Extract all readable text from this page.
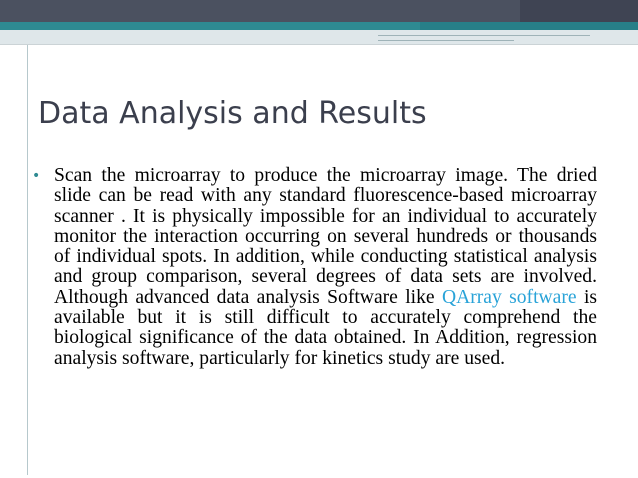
Data Analysis and Results
• Scan the microarray to produce the microarray image. The dried slide can be read with any standard fluorescence-based microarray scanner . It is physically impossible for an individual to accurately monitor the interaction occurring on several hundreds or thousands of individual spots. In addition, while conducting statistical analysis and group comparison, several degrees of data sets are involved. Although advanced data analysis Software like QArray software is available but it is still difficult to accurately comprehend the biological significance of the data obtained. In Addition, regression analysis software, particularly for kinetics study are used.
